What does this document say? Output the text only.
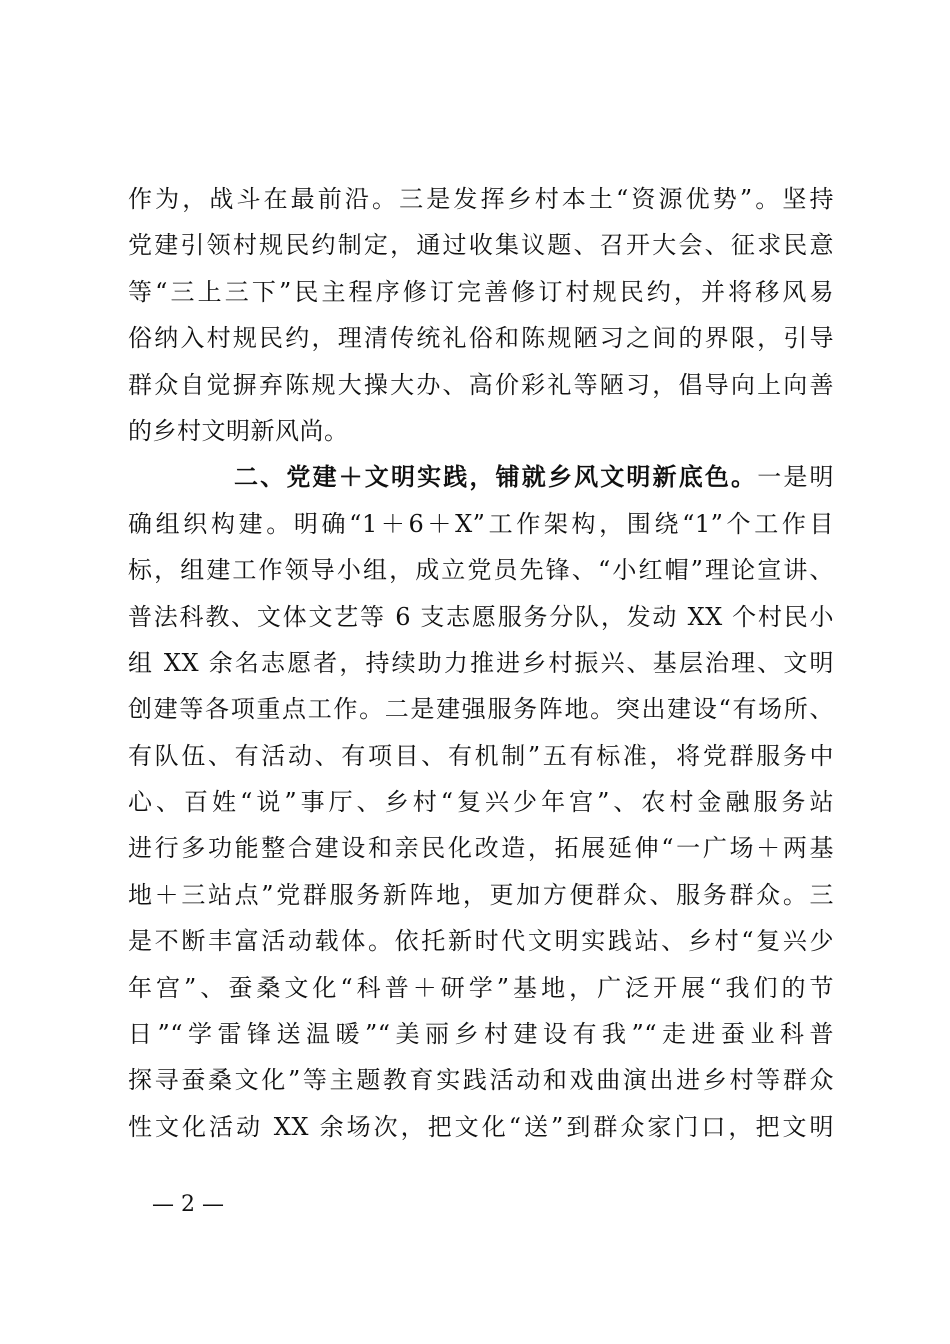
作为，战斗在最前沿。三是发挥乡村本土“资源优势”。坚持
党建引领村规民约制定，通过收集议题、召开大会、征求民意
等“三上三下”民主程序修订完善修订村规民约，并将移风易
俗纳入村规民约，理清传统礼俗和陈规陋习之间的界限，引导
群众自觉摒弃陈规大操大办、高价彩礼等陋习，倡导向上向善
的乡村文明新风尚。
二、党建＋文明实践，铺就乡风文明新底色。一是明
确组织构建。明确“1＋6＋X”工作架构，围绕“1”个工作目
标，组建工作领导小组，成立党员先锋、“小红帽”理论宣讲、
普法科教、文体文艺等 6 支志愿服务分队，发动 XX 个村民小
组 XX 余名志愿者，持续助力推进乡村振兴、基层治理、文明
创建等各项重点工作。二是建强服务阵地。突出建设“有场所、
有队伍、有活动、有项目、有机制”五有标准，将党群服务中
心、百姓“说”事厅、乡村“复兴少年宫”、农村金融服务站
进行多功能整合建设和亲民化改造，拓展延伸“一广场＋两基
地＋三站点”党群服务新阵地，更加方便群众、服务群众。三
是不断丰富活动载体。依托新时代文明实践站、乡村“复兴少
年宫”、蚕桑文化“科普＋研学”基地，广泛开展“我们的节
日”“学雷锋送温暖”“美丽乡村建设有我”“走进蚕业科普
探寻蚕桑文化”等主题教育实践活动和戏曲演出进乡村等群众
性文化活动 XX 余场次，把文化“送”到群众家门口，把文明
— 2 —
